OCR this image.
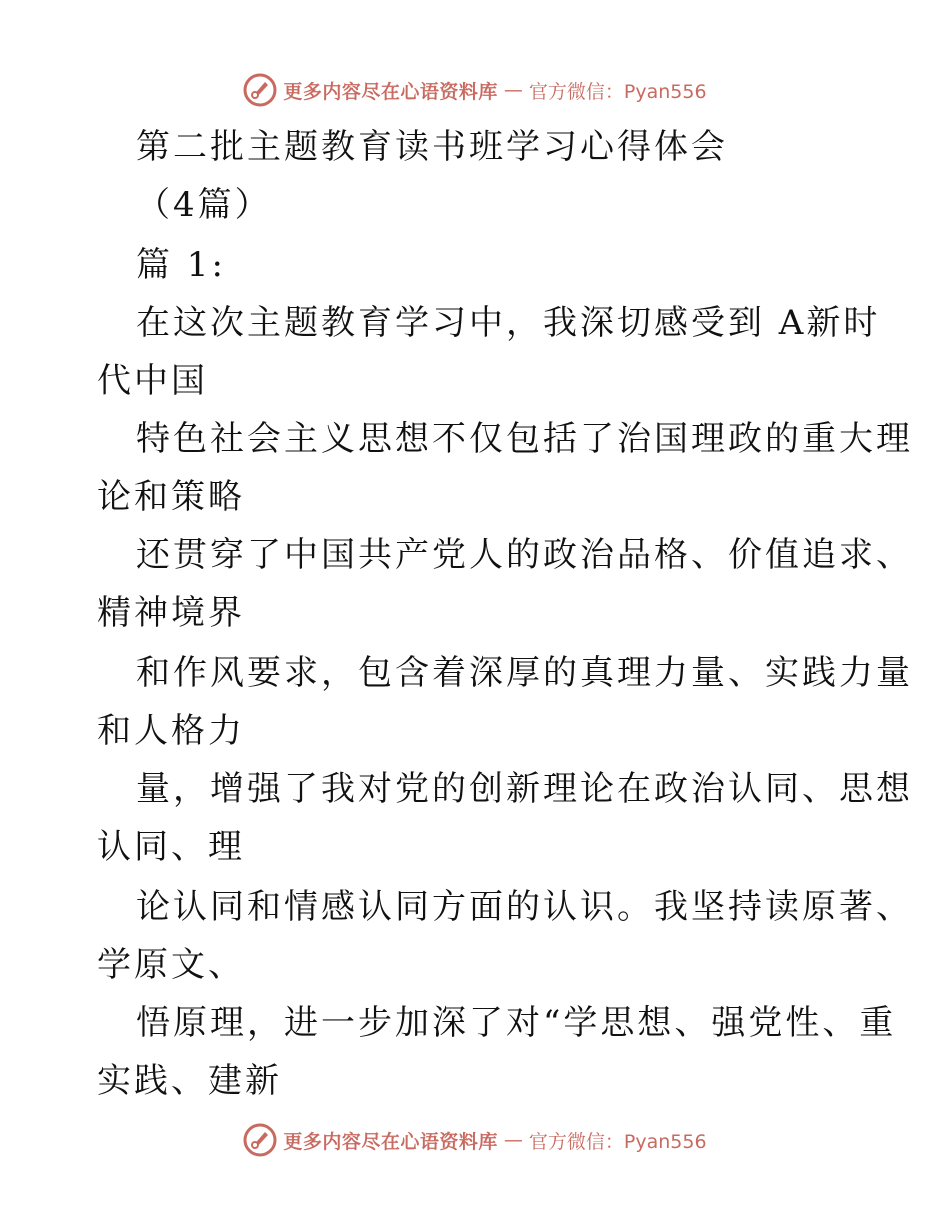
更多内容尽在心语资料库 — 官方微信：Pyan556
第二批主题教育读书班学习心得体会
（4篇）
篇 1:
在这次主题教育学习中，我深切感受到 A新时
代中国
特色社会主义思想不仅包括了治国理政的重大理
论和策略
还贯穿了中国共产党人的政治品格、价值追求、
精神境界
和作风要求，包含着深厚的真理力量、实践力量
和人格力
量，增强了我对党的创新理论在政治认同、思想
认同、理
论认同和情感认同方面的认识。我坚持读原著、
学原文、
悟原理，进一步加深了对“学思想、强党性、重
实践、建新
更多内容尽在心语资料库 — 官方微信：Pyan556
